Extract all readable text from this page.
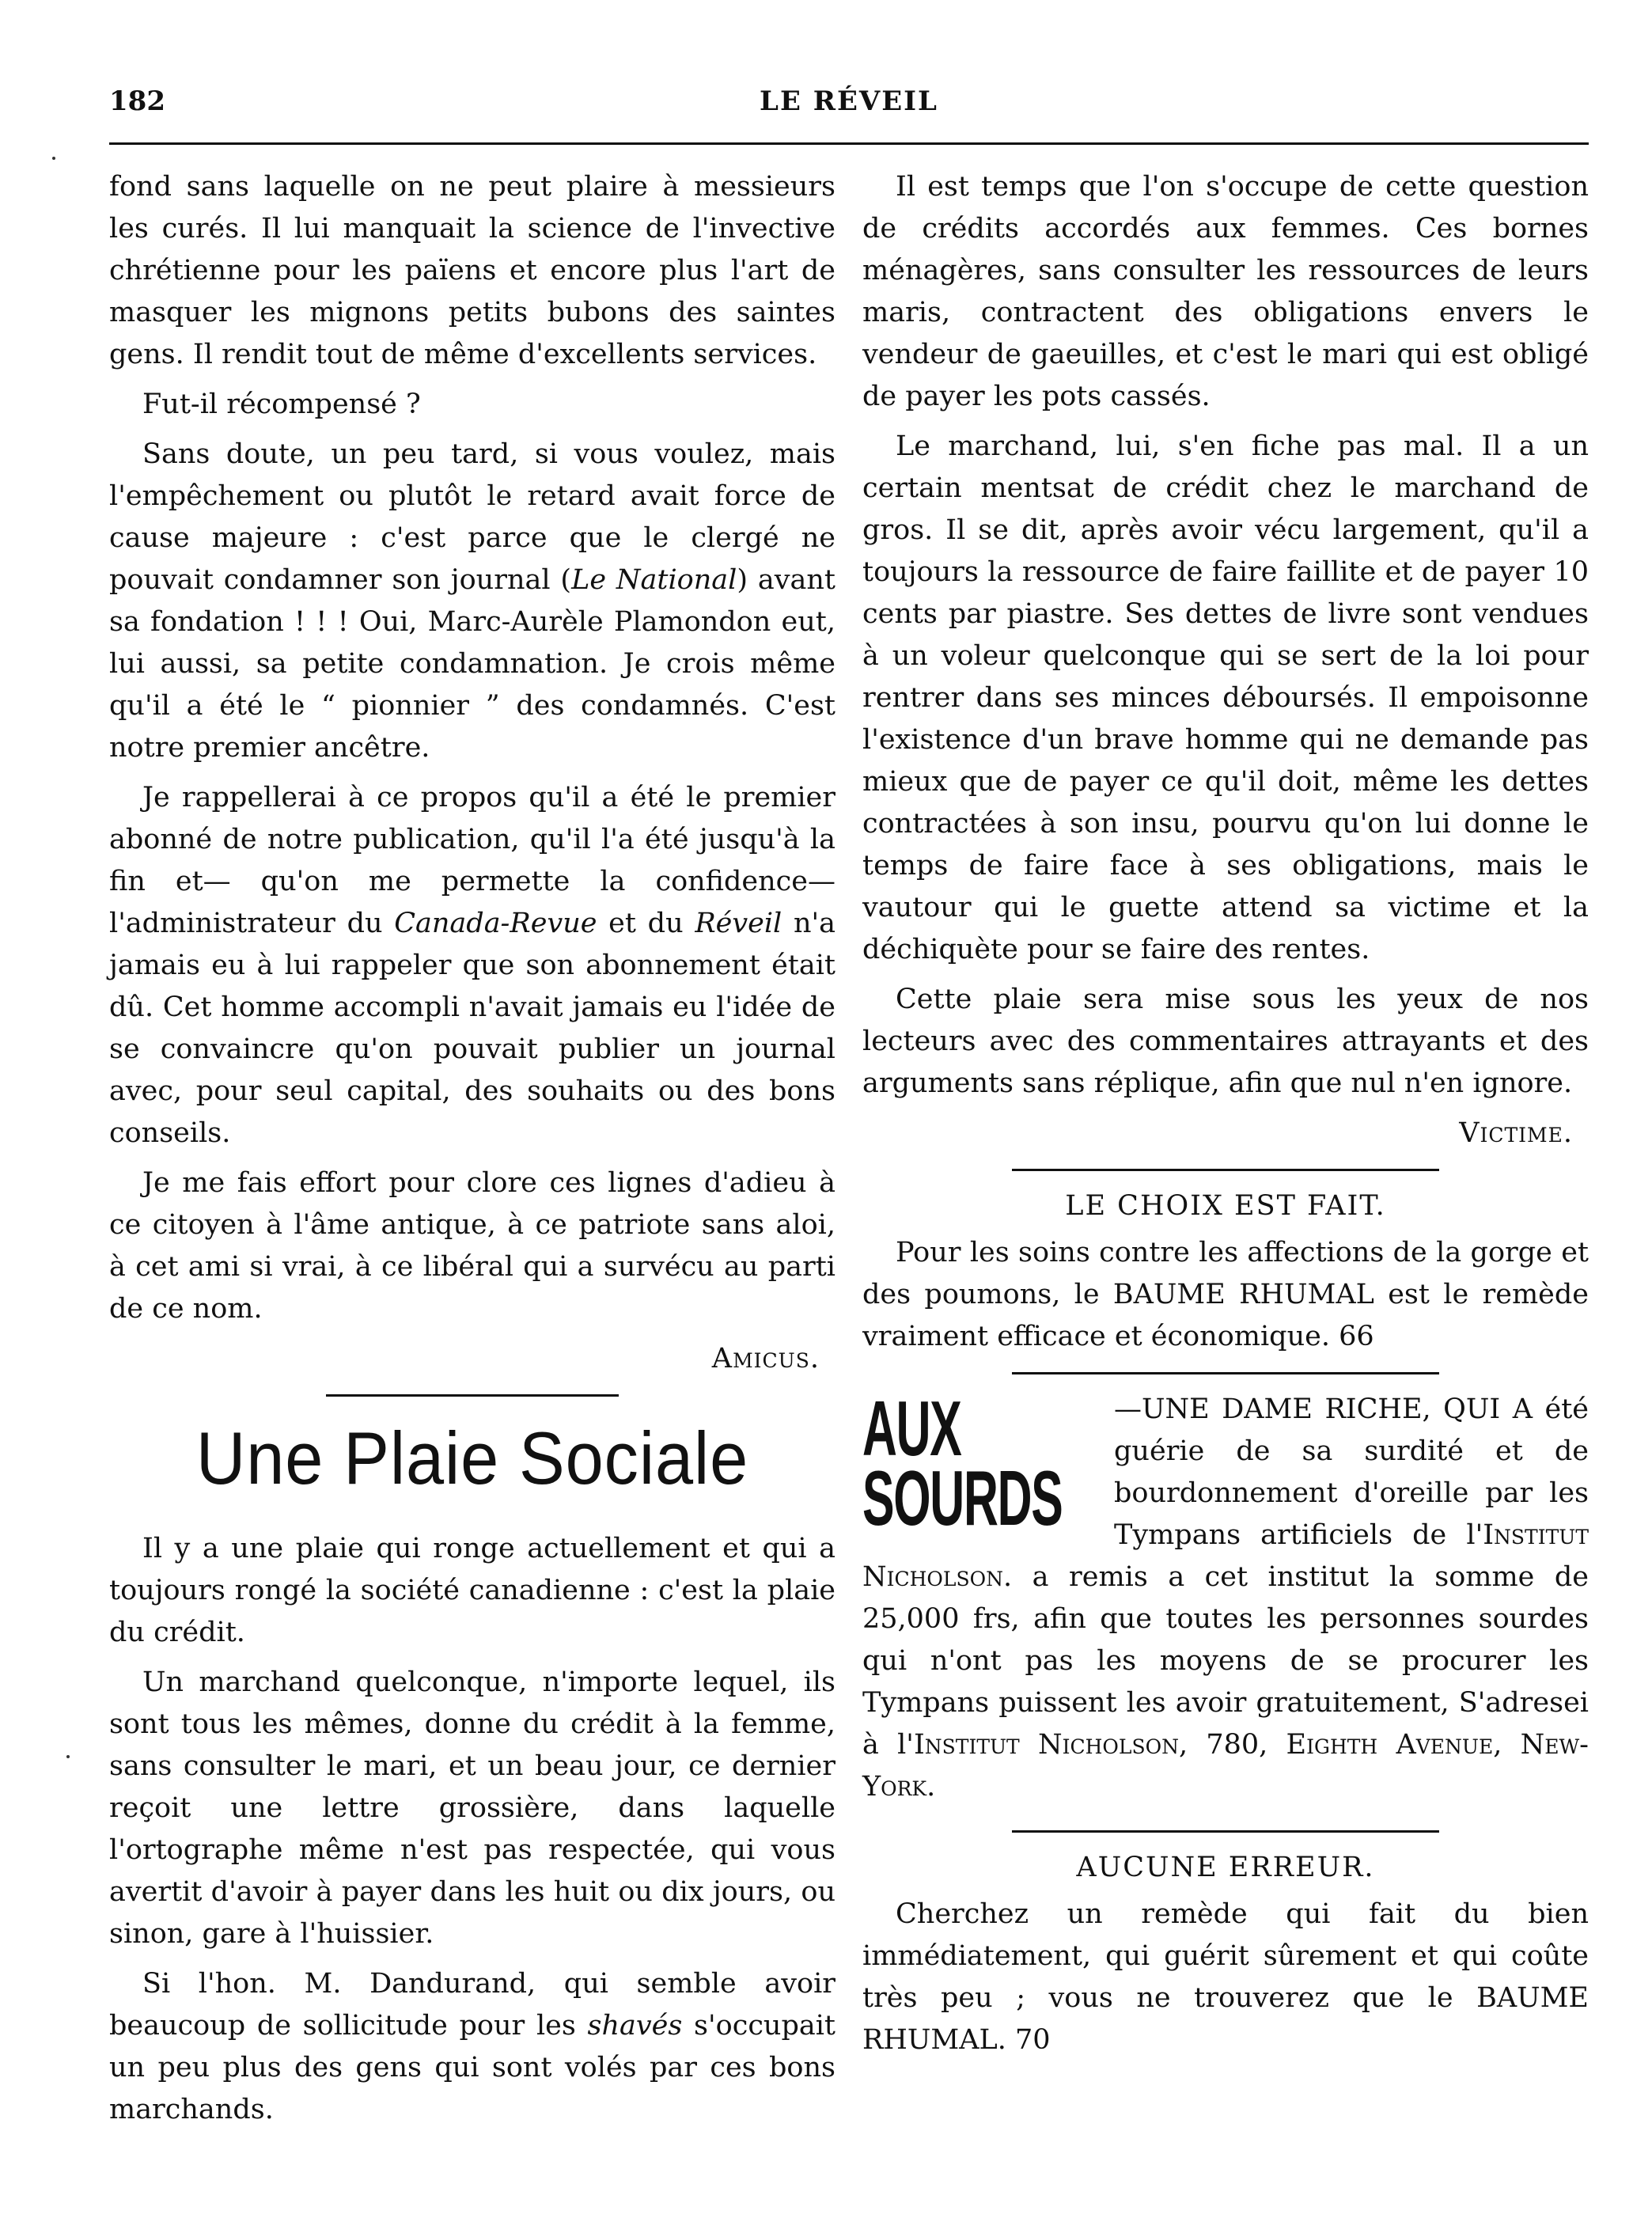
182	LE RÉVEIL

fond sans laquelle on ne peut plaire à messieurs les curés. Il lui manquait la science de l'invective chrétienne pour les païens et encore plus l'art de masquer les mignons petits bubons des saintes gens. Il rendit tout de même d'excellents services.

Fut-il récompensé ?

Sans doute, un peu tard, si vous voulez, mais l'empêchement ou plutôt le retard avait force de cause majeure : c'est parce que le clergé ne pouvait condamner son journal (Le National) avant sa fondation ! ! ! Oui, Marc-Aurèle Plamondon eut, lui aussi, sa petite condamnation. Je crois même qu'il a été le “ pionnier ” des condamnés. C'est notre premier ancêtre.

Je rappellerai à ce propos qu'il a été le premier abonné de notre publication, qu'il l'a été jusqu'à la fin et— qu'on me permette la confidence— l'administrateur du Canada-Revue et du Réveil n'a jamais eu à lui rappeler que son abonnement était dû. Cet homme accompli n'avait jamais eu l'idée de se convaincre qu'on pouvait publier un journal avec, pour seul capital, des souhaits ou des bons conseils.

Je me fais effort pour clore ces lignes d'adieu à ce citoyen à l'âme antique, à ce patriote sans aloi, à cet ami si vrai, à ce libéral qui a survécu au parti de ce nom.

Amicus.
Une Plaie Sociale

Il y a une plaie qui ronge actuellement et qui a toujours rongé la société canadienne : c'est la plaie du crédit.

Un marchand quelconque, n'importe lequel, ils sont tous les mêmes, donne du crédit à la femme, sans consulter le mari, et un beau jour, ce dernier reçoit une lettre grossière, dans laquelle l'ortographe même n'est pas respectée, qui vous avertit d'avoir à payer dans les huit ou dix jours, ou sinon, gare à l'huissier.

Si l'hon. M. Dandurand, qui semble avoir beaucoup de sollicitude pour les shavés s'occupait un peu plus des gens qui sont volés par ces bons marchands.

Il est temps que l'on s'occupe de cette question de crédits accordés aux femmes. Ces bornes ménagères, sans consulter les ressources de leurs maris, contractent des obligations envers le vendeur de gaeuilles, et c'est le mari qui est obligé de payer les pots cassés.

Le marchand, lui, s'en fiche pas mal. Il a un certain mentsat de crédit chez le marchand de gros. Il se dit, après avoir vécu largement, qu'il a toujours la ressource de faire faillite et de payer 10 cents par piastre. Ses dettes de livre sont vendues à un voleur quelconque qui se sert de la loi pour rentrer dans ses minces déboursés. Il empoisonne l'existence d'un brave homme qui ne demande pas mieux que de payer ce qu'il doit, même les dettes contractées à son insu, pourvu qu'on lui donne le temps de faire face à ses obligations, mais le vautour qui le guette attend sa victime et la déchiquète pour se faire des rentes.

Cette plaie sera mise sous les yeux de nos lecteurs avec des commentaires attrayants et des arguments sans réplique, afin que nul n'en ignore.

Victime.
LE CHOIX EST FAIT.

Pour les soins contre les affections de la gorge et des poumons, le BAUME RHUMAL est le remède vraiment efficace et économique. 66

AUX SOURDS

—UNE DAME RICHE, QUI A été guérie de sa surdité et de bourdonnement d'oreille par les Tympans artificiels de l'Institut Nicholson. a remis a cet institut la somme de 25,000 frs, afin que toutes les personnes sourdes qui n'ont pas les moyens de se procurer les Tympans puissent les avoir gratuitement, S'adresei à l'Institut Nicholson, 780, Eighth Avenue, New-York.

AUCUNE ERREUR.

Cherchez un remède qui fait du bien immédiatement, qui guérit sûrement et qui coûte très peu ; vous ne trouverez que le BAUME RHUMAL. 70
